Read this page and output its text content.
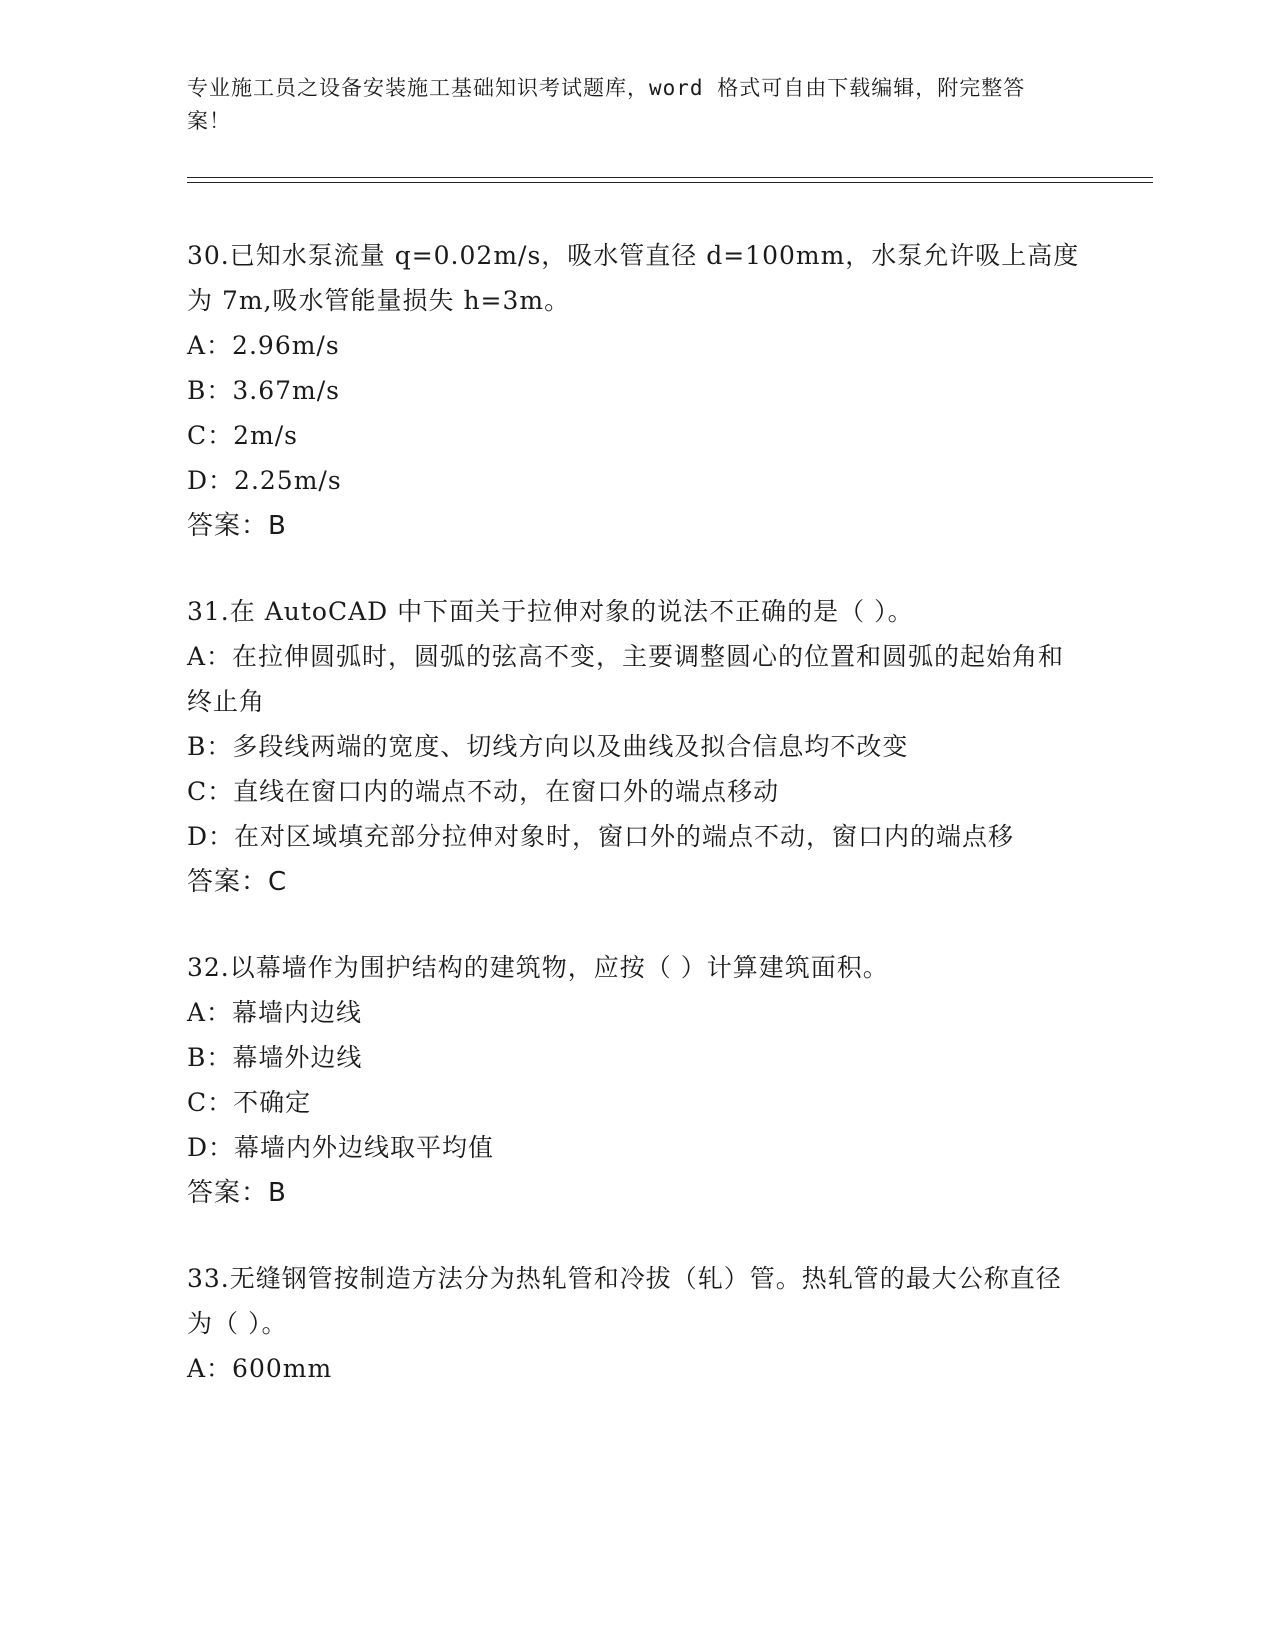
专业施工员之设备安装施工基础知识考试题库，word 格式可自由下载编辑，附完整答案！
30.已知水泵流量 q=0.02m/s，吸水管直径 d=100mm，水泵允许吸上高度为 7m,吸水管能量损失 h=3m。
A：2.96m/s
B：3.67m/s
C：2m/s
D：2.25m/s
答案：B
31.在 AutoCAD 中下面关于拉伸对象的说法不正确的是（ ）。
A：在拉伸圆弧时，圆弧的弦高不变，主要调整圆心的位置和圆弧的起始角和终止角
B：多段线两端的宽度、切线方向以及曲线及拟合信息均不改变
C：直线在窗口内的端点不动，在窗口外的端点移动
D：在对区域填充部分拉伸对象时，窗口外的端点不动，窗口内的端点移
答案：C
32.以幕墙作为围护结构的建筑物，应按（ ）计算建筑面积。
A：幕墙内边线
B：幕墙外边线
C：不确定
D：幕墙内外边线取平均值
答案：B
33.无缝钢管按制造方法分为热轧管和冷拔（轧）管。热轧管的最大公称直径为（ ）。
A：600mm
